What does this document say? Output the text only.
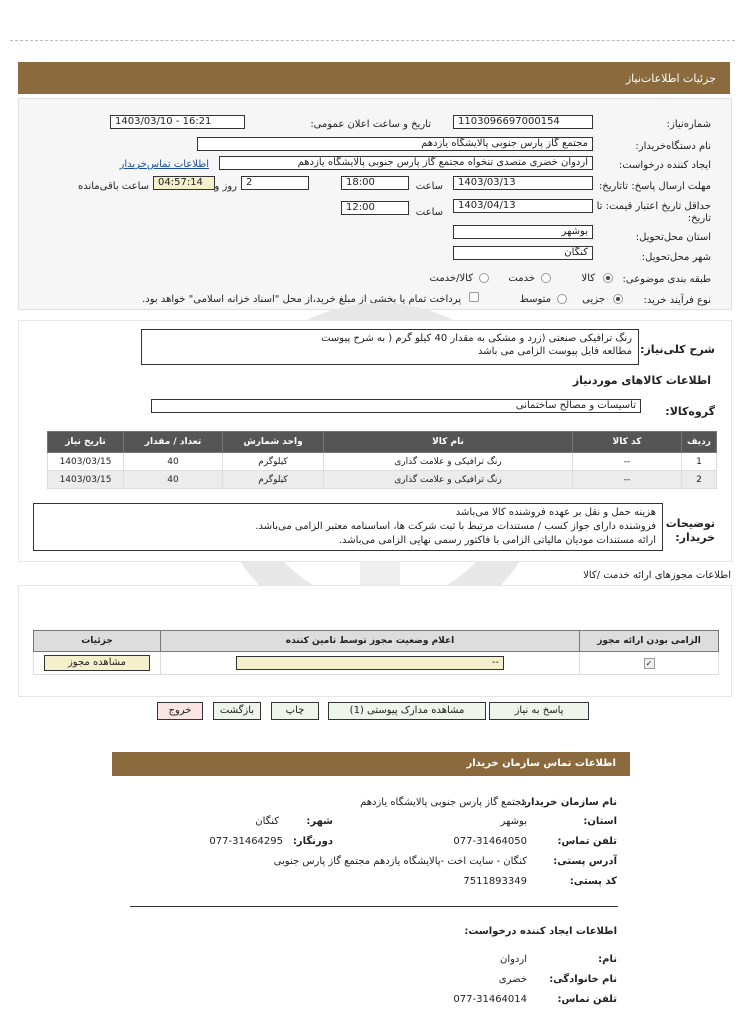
جزئیات اطلاعات‌نیاز
شماره‌نیاز:
1103096697000154
تاریخ و ساعت اعلان عمومی:
1403/03/10 - 16:21
نام دستگاه‌خریدار:
مجتمع گاز پارس جنوبی پالایشگاه یازدهم
ایجاد کننده درخواست:
اردوان خضری متصدی تنخواه مجتمع گاز پارس جنوبی پالایشگاه یازدهم
اطلاعات تماس‌خریدار
مهلت ارسال پاسخ: تاتاریخ:
1403/03/13
ساعت
18:00
2
روز و
04:57:14
ساعت باقی‌مانده
حداقل تاریخ اعتبار قیمت: تا
تاریخ:
1403/04/13
ساعت
12:00
استان محل‌تحویل:
بوشهر
شهر محل‌تحویل:
کنگان
طبقه بندی موضوعی:
کالا
خدمت
کالا/خدمت
نوع فرآیند خرید:
جزیی
متوسط
پرداخت تمام یا بخشی از مبلغ خرید،از محل "اسناد خزانه اسلامی" خواهد بود.
شرح کلی‌نیاز:
رنگ ترافیکی صنعتی (زرد و مشکی به مقدار 40 کیلو گرم ( به شرح پیوست
مطالعه فایل پیوست الزامی می باشد
اطلاعات کالاهای موردنیاز
گروه‌کالا:
تاسیسات و مصالح ساختمانی
ردیف	کد کالا	نام کالا	واحد شمارش	تعداد / مقدار	تاریخ نیاز
1	--	رنگ ترافیکی و علامت گذاری	کیلوگرم	40	1403/03/15
2	--	رنگ ترافیکی و علامت گذاری	کیلوگرم	40	1403/03/15
توضیحات
خریدار:
هزینه حمل و نقل بر عهده فروشنده کالا می‌باشد
فروشنده دارای جواز کسب / مستندات مرتبط با ثبت شرکت ها، اساسنامه معتبر الزامی می‌باشد.
ارائه مستندات مودیان مالیاتی الزامی با فاکتور رسمی نهایی الزامی می‌باشد.
اطلاعات مجوزهای ارائه خدمت /کالا
الزامی بودن ارائه مجوز	اعلام وضعیت مجوز توسط تامین کننده	جزئیات
✓	--	مشاهده مجوز
پاسخ به نیاز
مشاهده مدارک پیوستی (1)
چاپ
بازگشت
خروج
اطلاعات تماس سازمان خریدار
نام سازمان خریدار:
مجتمع گاز پارس جنوبی پالایشگاه یازدهم
استان:
بوشهر
شهر:
کنگان
تلفن تماس:
077-31464050
دورنگار:
077-31464295
آدرس پستی:
کنگان - سایت اخت -پالایشگاه یازدهم مجتمع گاز پارس جنوبی
کد پستی:
7511893349
اطلاعات ایجاد کننده درخواست:
نام:
اردوان
نام خانوادگی:
خضری
تلفن تماس:
077-31464014
